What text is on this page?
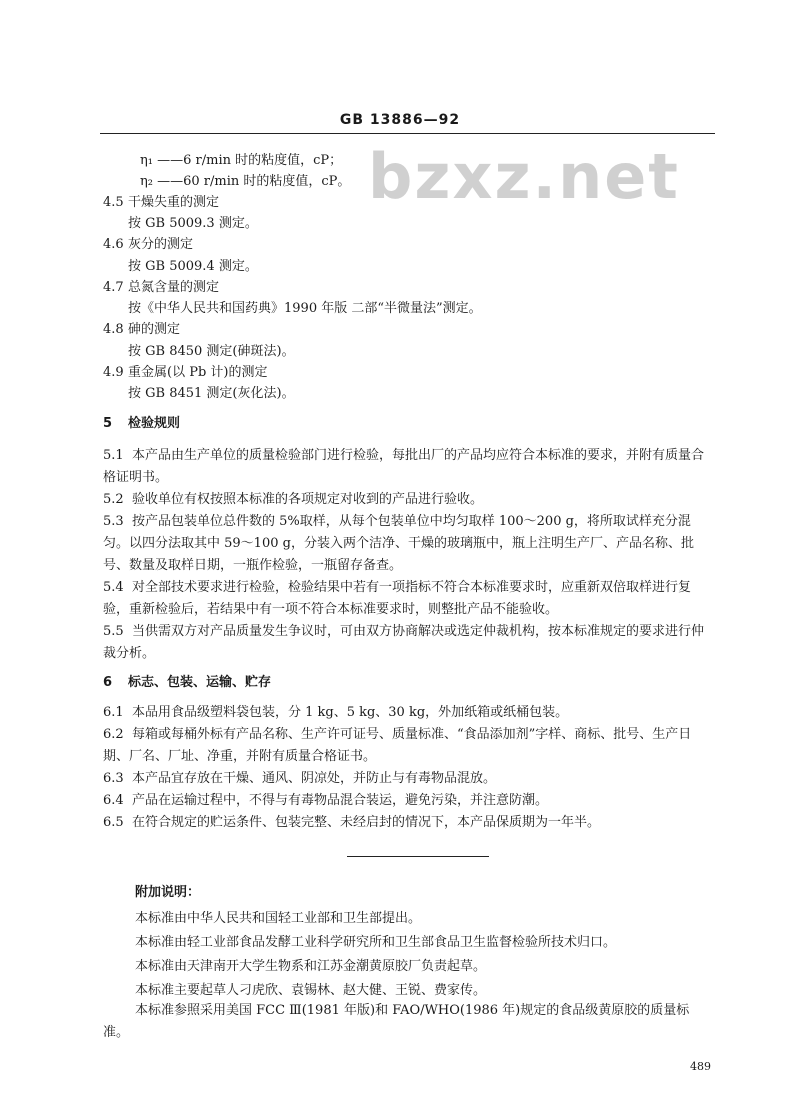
GB 13886—92
bzxz.net
η₁ ——6 r/min 时的粘度值，cP；
η₂ ——60 r/min 时的粘度值，cP。
4.5 干燥失重的测定
按 GB 5009.3 测定。
4.6 灰分的测定
按 GB 5009.4 测定。
4.7 总氮含量的测定
按《中华人民共和国药典》1990 年版 二部“半微量法”测定。
4.8 砷的测定
按 GB 8450 测定(砷斑法)。
4.9 重金属(以 Pb 计)的测定
按 GB 8451 测定(灰化法)。
5 检验规则
5.1 本产品由生产单位的质量检验部门进行检验，每批出厂的产品均应符合本标准的要求，并附有质量合格证明书。
5.2 验收单位有权按照本标准的各项规定对收到的产品进行验收。
5.3 按产品包装单位总件数的 5%取样，从每个包装单位中均匀取样 100～200 g，将所取试样充分混匀。以四分法取其中 59～100 g，分装入两个洁净、干燥的玻璃瓶中，瓶上注明生产厂、产品名称、批号、数量及取样日期，一瓶作检验，一瓶留存备查。
5.4 对全部技术要求进行检验，检验结果中若有一项指标不符合本标准要求时，应重新双倍取样进行复验，重新检验后，若结果中有一项不符合本标准要求时，则整批产品不能验收。
5.5 当供需双方对产品质量发生争议时，可由双方协商解决或选定仲裁机构，按本标准规定的要求进行仲裁分析。
6 标志、包装、运输、贮存
6.1 本品用食品级塑料袋包装，分 1 kg、5 kg、30 kg，外加纸箱或纸桶包装。
6.2 每箱或每桶外标有产品名称、生产许可证号、质量标准、“食品添加剂”字样、商标、批号、生产日期、厂名、厂址、净重，并附有质量合格证书。
6.3 本产品宜存放在干燥、通风、阴凉处，并防止与有毒物品混放。
6.4 产品在运输过程中，不得与有毒物品混合装运，避免污染，并注意防潮。
6.5 在符合规定的贮运条件、包装完整、未经启封的情况下，本产品保质期为一年半。
附加说明：
本标准由中华人民共和国轻工业部和卫生部提出。
本标准由轻工业部食品发酵工业科学研究所和卫生部食品卫生监督检验所技术归口。
本标准由天津南开大学生物系和江苏金潮黄原胶厂负责起草。
本标准主要起草人刁虎欣、袁锡林、赵大健、王锐、费家传。
本标准参照采用美国 FCC Ⅲ(1981 年版)和 FAO/WHO(1986 年)规定的食品级黄原胶的质量标准。
489
